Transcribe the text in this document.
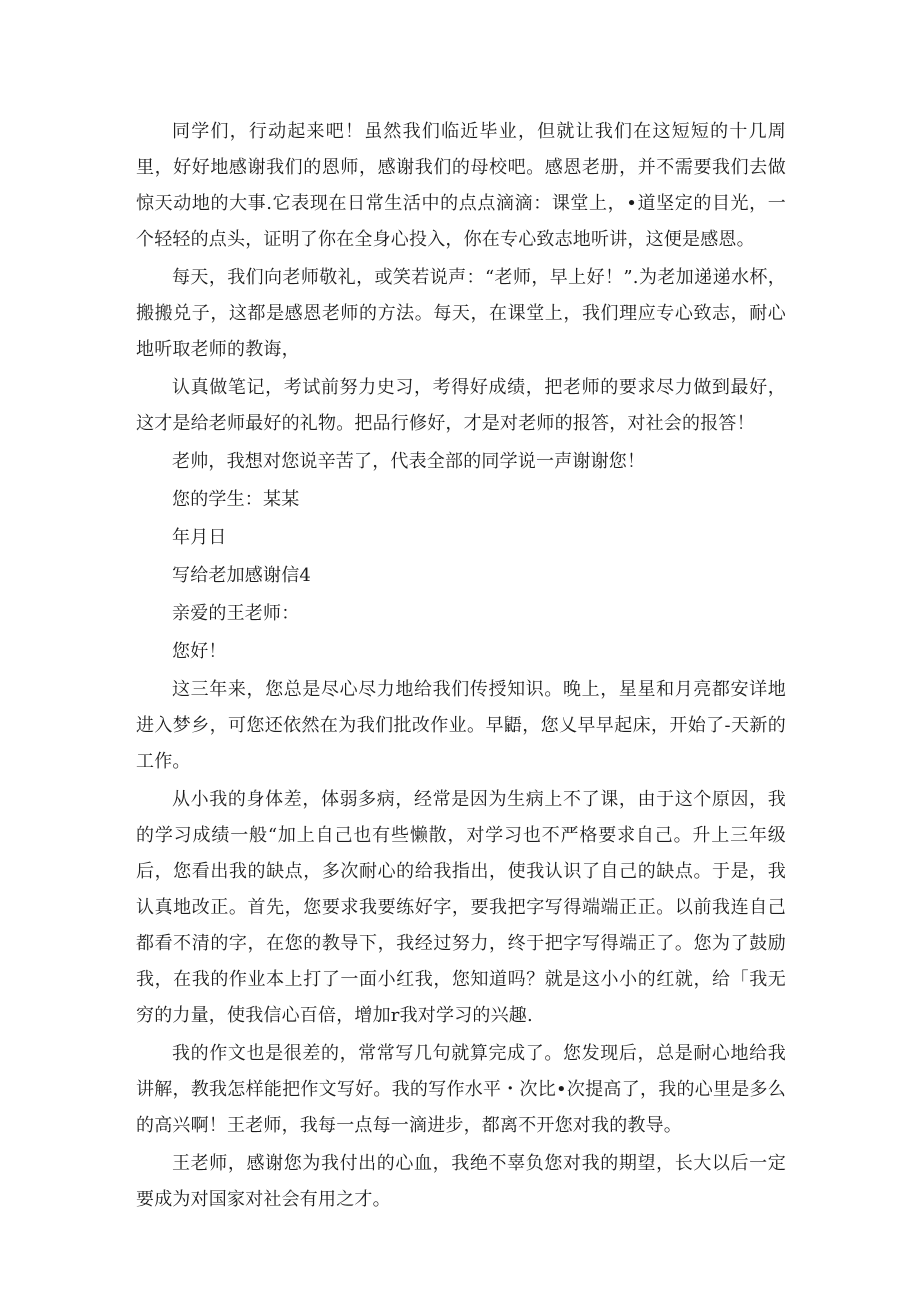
同学们，行动起来吧！虽然我们临近毕业，但就让我们在这短短的十几周里，好好地感谢我们的恩师，感谢我们的母校吧。感恩老册，并不需要我们去做惊天动地的大事.它表现在日常生活中的点点滴滴：课堂上，•道坚定的目光，一个轻轻的点头，证明了你在全身心投入，你在专心致志地听讲，这便是感恩。

每天，我们向老师敬礼，或笑若说声：“老师，早上好！”.为老加递递水杯，搬搬兑子，这都是感恩老师的方法。每天，在课堂上，我们理应专心致志，耐心地听取老师的教诲，

认真做笔记，考试前努力史习，考得好成绩，把老师的要求尽力做到最好，这才是给老师最好的礼物。把品行修好，才是对老师的报答，对社会的报答！

老帅，我想对您说辛苦了，代表全部的同学说一声谢谢您！

您的学生：某某

年月日

写给老加感谢信4

亲爱的王老师：

您好！

这三年来，您总是尽心尽力地给我们传授知识。晚上，星星和月亮都安详地进入梦乡，可您还依然在为我们批改作业。早鼯，您乂早早起床，开始了-天新的工作。

从小我的身体差，体弱多病，经常是因为生病上不了课，由于这个原因，我的学习成绩一般“加上自己也有些懒散，对学习也不严格要求自己。升上三年级后，您看出我的缺点，多次耐心的给我指出，使我认识了自己的缺点。于是，我认真地改正。首先，您要求我要练好字，要我把字写得端端正正。以前我连自己都看不清的字，在您的教导下，我经过努力，终于把字写得端正了。您为了鼓励我，在我的作业本上打了一面小红我，您知道吗？就是这小小的红就，给「我无穷的力量，使我信心百倍，增加r我对学习的兴趣.

我的作文也是很差的，常常写几句就算完成了。您发现后，总是耐心地给我讲解，教我怎样能把作文写好。我的写作水平・次比•次提高了，我的心里是多么的高兴啊！王老师，我每一点每一滴进步，都离不开您对我的教导。

王老师，感谢您为我付出的心血，我绝不辜负您对我的期望，长大以后一定要成为对国家对社会有用之才。
